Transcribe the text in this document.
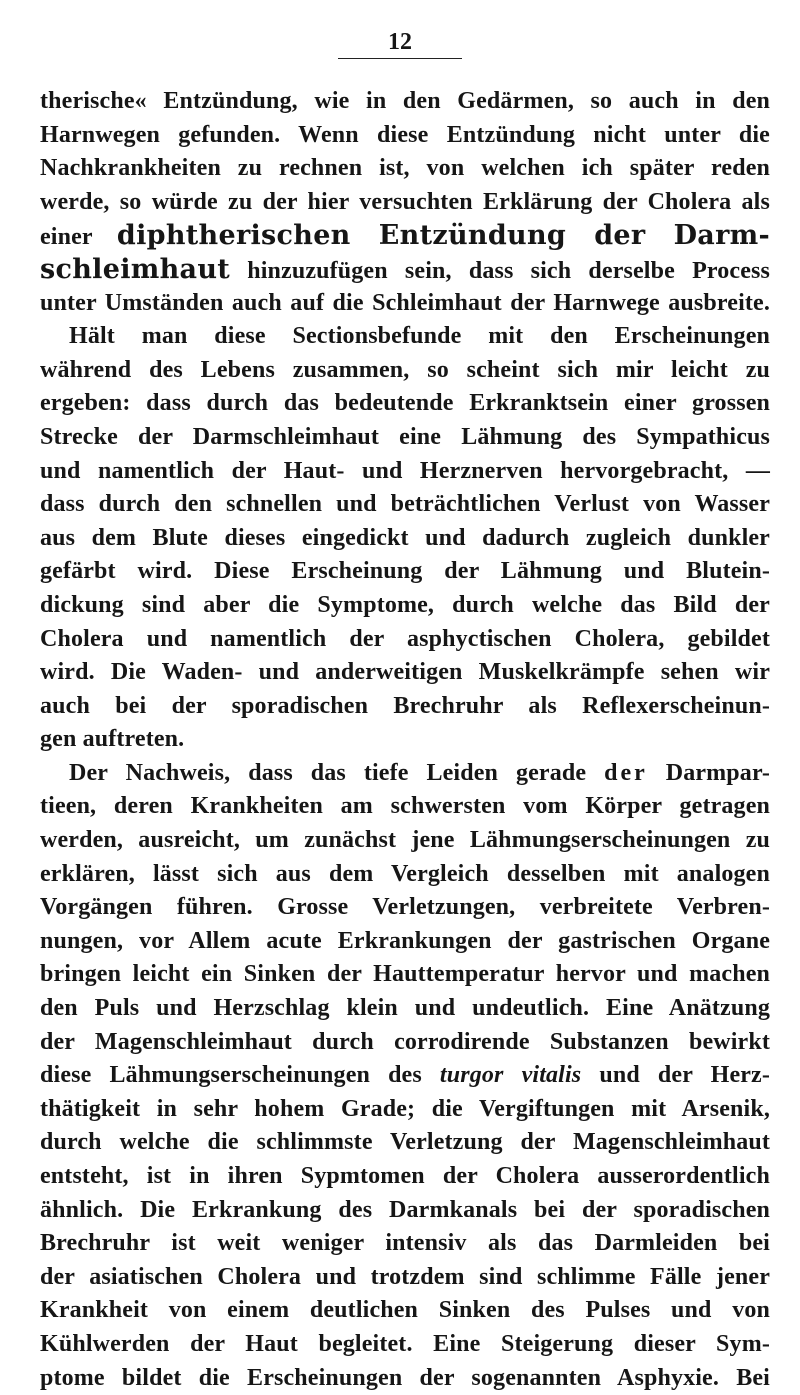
12
therische« Entzündung, wie in den Gedärmen, so auch in den
Harnwegen gefunden. Wenn diese Entzündung nicht unter die
Nachkrankheiten zu rechnen ist, von welchen ich später reden
werde, so würde zu der hier versuchten Erklärung der Cholera als
einer diphtherischen Entzündung der Darm-
schleimhaut hinzuzufügen sein, dass sich derselbe Process
unter Umständen auch auf die Schleimhaut der Harnwege ausbreite.
Hält man diese Sectionsbefunde mit den Erscheinungen
während des Lebens zusammen, so scheint sich mir leicht zu
ergeben: dass durch das bedeutende Erkranktsein einer grossen
Strecke der Darmschleimhaut eine Lähmung des Sympathicus
und namentlich der Haut- und Herznerven hervorgebracht, —
dass durch den schnellen und beträchtlichen Verlust von Wasser
aus dem Blute dieses eingedickt und dadurch zugleich dunkler
gefärbt wird. Diese Erscheinung der Lähmung und Blutein-
dickung sind aber die Symptome, durch welche das Bild der
Cholera und namentlich der asphyctischen Cholera, gebildet
wird. Die Waden- und anderweitigen Muskelkrämpfe sehen wir
auch bei der sporadischen Brechruhr als Reflexerscheinun-
gen auftreten.
Der Nachweis, dass das tiefe Leiden gerade der Darmpar-
tieen, deren Krankheiten am schwersten vom Körper getragen
werden, ausreicht, um zunächst jene Lähmungserscheinungen zu
erklären, lässt sich aus dem Vergleich desselben mit analogen
Vorgängen führen. Grosse Verletzungen, verbreitete Verbren-
nungen, vor Allem acute Erkrankungen der gastrischen Organe
bringen leicht ein Sinken der Hauttemperatur hervor und machen
den Puls und Herzschlag klein und undeutlich. Eine Anätzung
der Magenschleimhaut durch corrodirende Substanzen bewirkt
diese Lähmungserscheinungen des turgor vitalis und der Herz-
thätigkeit in sehr hohem Grade; die Vergiftungen mit Arsenik,
durch welche die schlimmste Verletzung der Magenschleimhaut
entsteht, ist in ihren Sypmtomen der Cholera ausserordentlich
ähnlich. Die Erkrankung des Darmkanals bei der sporadischen
Brechruhr ist weit weniger intensiv als das Darmleiden bei
der asiatischen Cholera und trotzdem sind schlimme Fälle jener
Krankheit von einem deutlichen Sinken des Pulses und von
Kühlwerden der Haut begleitet. Eine Steigerung dieser Sym-
ptome bildet die Erscheinungen der sogenannten Asphyxie. Bei
